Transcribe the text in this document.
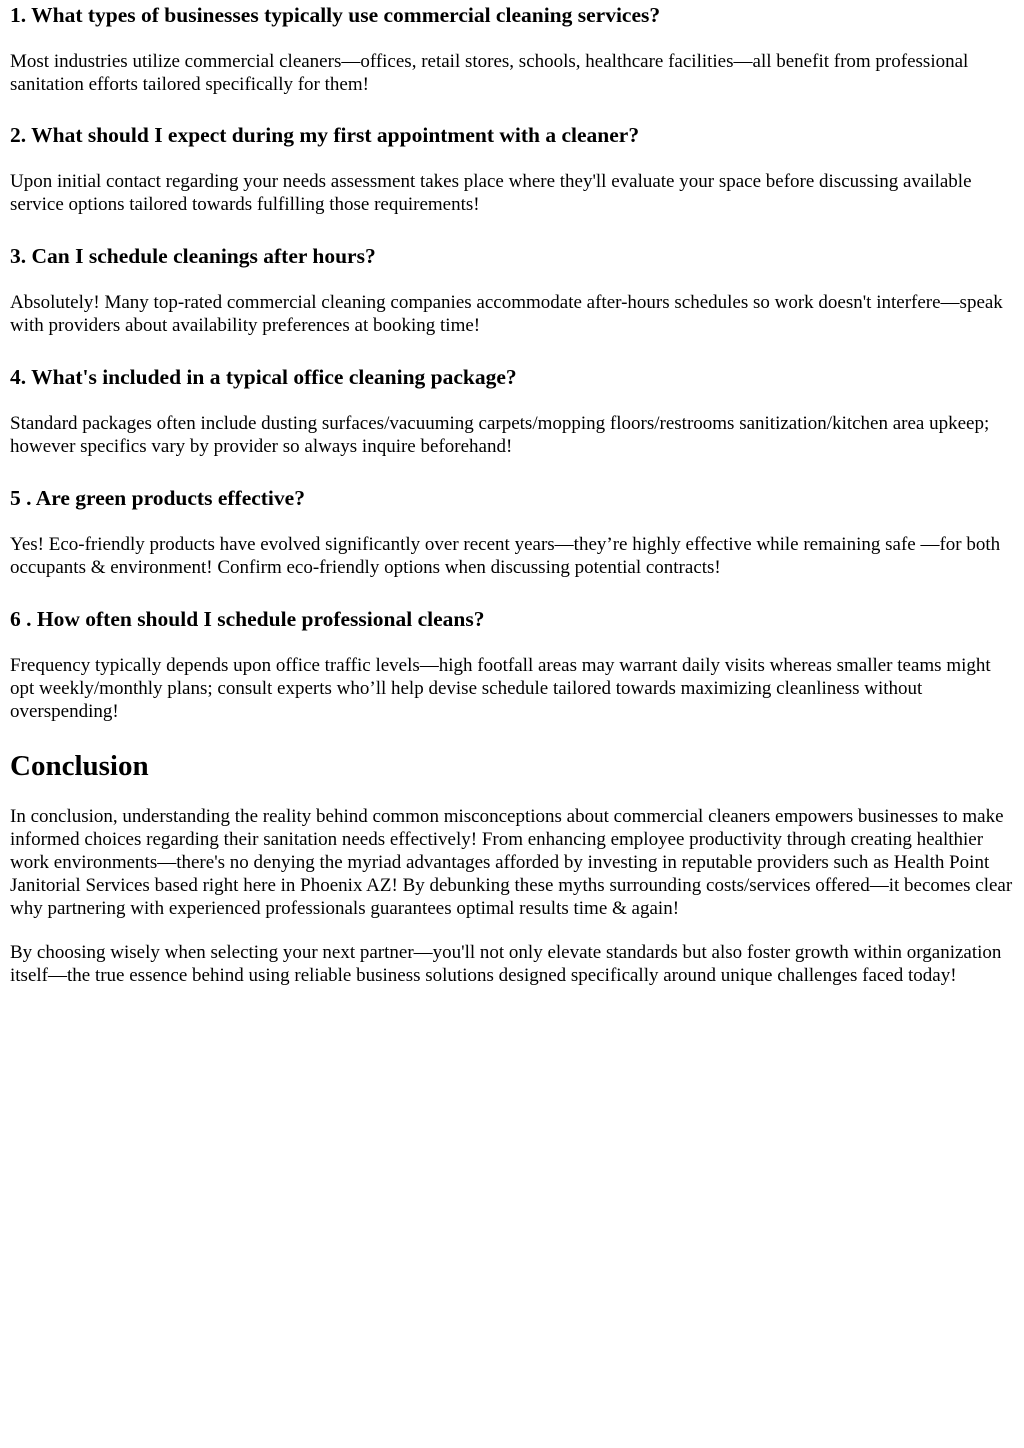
1. What types of businesses typically use commercial cleaning services?

Most industries utilize commercial cleaners—offices, retail stores, schools, healthcare facilities—all benefit from professional sanitation efforts tailored specifically for them!

2. What should I expect during my first appointment with a cleaner?

Upon initial contact regarding your needs assessment takes place where they'll evaluate your space before discussing available service options tailored towards fulfilling those requirements!

3. Can I schedule cleanings after hours?

Absolutely! Many top-rated commercial cleaning companies accommodate after-hours schedules so work doesn't interfere—speak with providers about availability preferences at booking time!

4. What's included in a typical office cleaning package?

Standard packages often include dusting surfaces/vacuuming carpets/mopping floors/restrooms sanitization/kitchen area upkeep; however specifics vary by provider so always inquire beforehand!

5 . Are green products effective?

Yes! Eco-friendly products have evolved significantly over recent years—they’re highly effective while remaining safe —for both occupants & environment! Confirm eco-friendly options when discussing potential contracts!

6 . How often should I schedule professional cleans?

Frequency typically depends upon office traffic levels—high footfall areas may warrant daily visits whereas smaller teams might opt weekly/monthly plans; consult experts who’ll help devise schedule tailored towards maximizing cleanliness without overspending!

Conclusion

In conclusion, understanding the reality behind common misconceptions about commercial cleaners empowers businesses to make informed choices regarding their sanitation needs effectively! From enhancing employee productivity through creating healthier work environments—there's no denying the myriad advantages afforded by investing in reputable providers such as Health Point Janitorial Services based right here in Phoenix AZ! By debunking these myths surrounding costs/services offered—it becomes clear why partnering with experienced professionals guarantees optimal results time & again!

By choosing wisely when selecting your next partner—you'll not only elevate standards but also foster growth within organization itself—the true essence behind using reliable business solutions designed specifically around unique challenges faced today!
